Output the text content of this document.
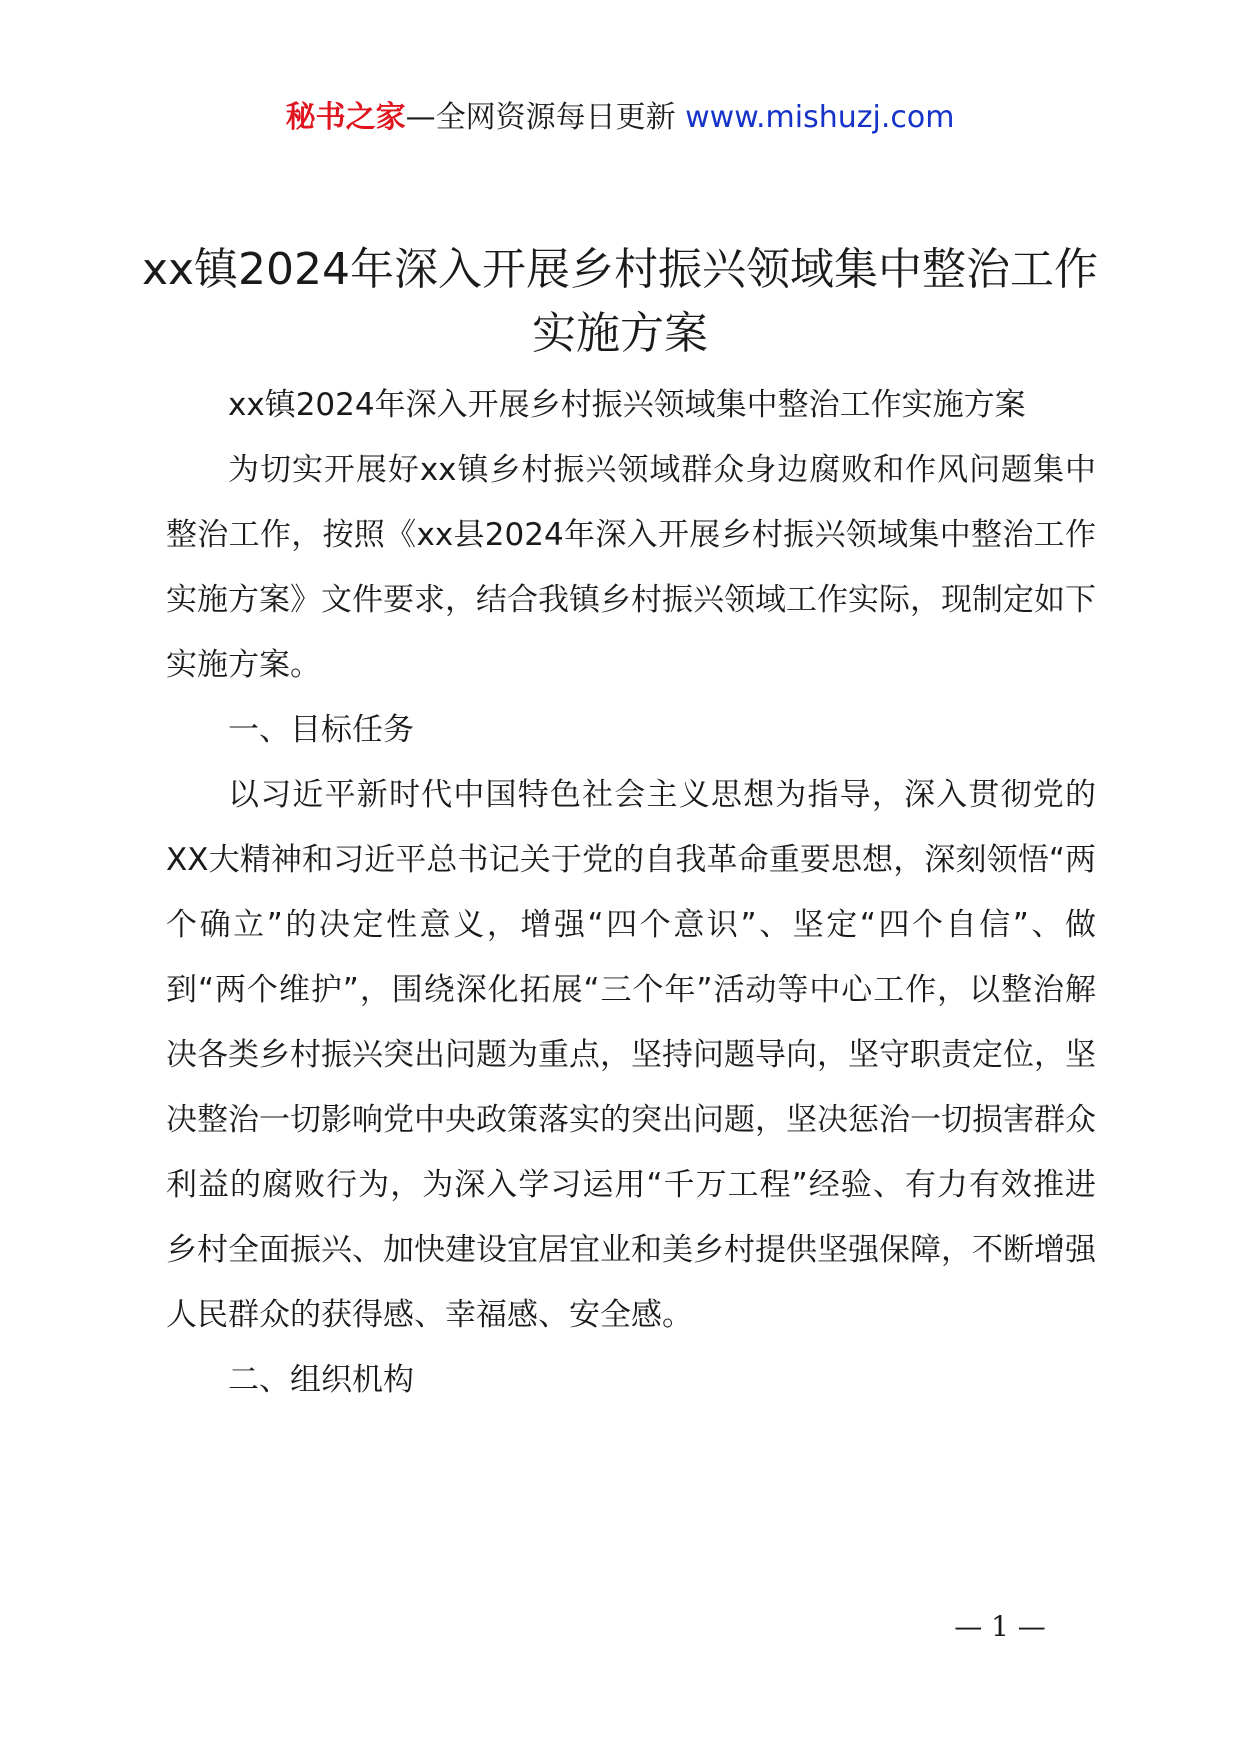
秘书之家—全网资源每日更新 www.mishuzj.com
xx镇2024年深入开展乡村振兴领域集中整治工作实施方案

xx镇2024年深入开展乡村振兴领域集中整治工作实施方案

为切实开展好xx镇乡村振兴领域群众身边腐败和作风问题集中整治工作，按照《xx县2024年深入开展乡村振兴领域集中整治工作实施方案》文件要求，结合我镇乡村振兴领域工作实际，现制定如下实施方案。

一、目标任务

以习近平新时代中国特色社会主义思想为指导，深入贯彻党的XX大精神和习近平总书记关于党的自我革命重要思想，深刻领悟“两个确立”的决定性意义，增强“四个意识”、坚定“四个自信”、做到“两个维护”，围绕深化拓展“三个年”活动等中心工作，以整治解决各类乡村振兴突出问题为重点，坚持问题导向，坚守职责定位，坚决整治一切影响党中央政策落实的突出问题，坚决惩治一切损害群众利益的腐败行为，为深入学习运用“千万工程”经验、有力有效推进乡村全面振兴、加快建设宜居宜业和美乡村提供坚强保障，不断增强人民群众的获得感、幸福感、安全感。

二、组织机构

— 1 —
